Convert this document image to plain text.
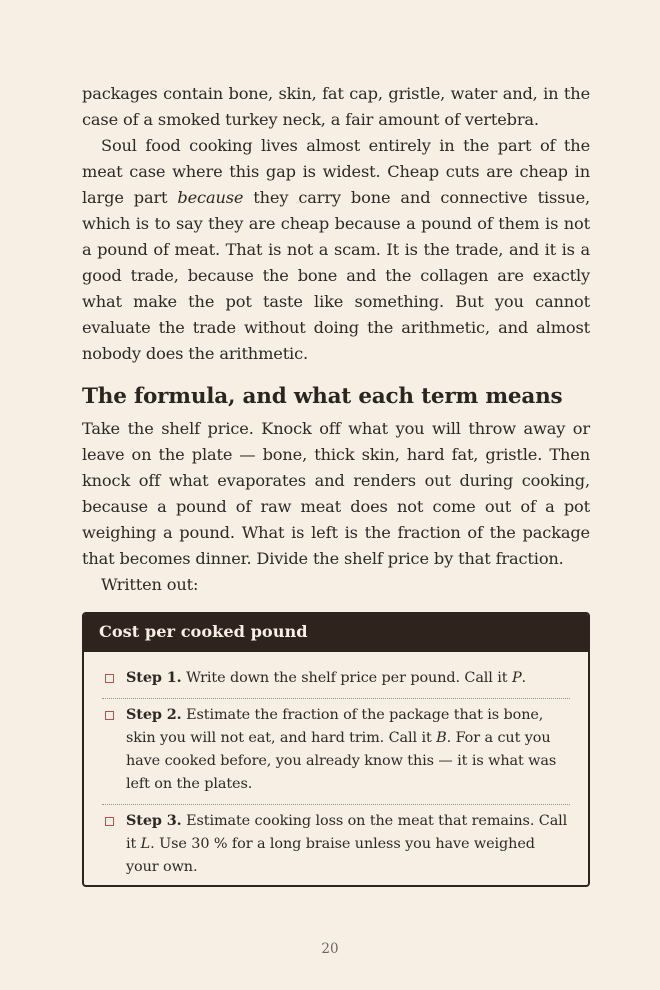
packages contain bone, skin, fat cap, gristle, water and, in the case of a smoked turkey neck, a fair amount of vertebra.

Soul food cooking lives almost entirely in the part of the meat case where this gap is widest. Cheap cuts are cheap in large part because they carry bone and connective tissue, which is to say they are cheap because a pound of them is not a pound of meat. That is not a scam. It is the trade, and it is a good trade, because the bone and the collagen are exactly what make the pot taste like something. But you cannot evaluate the trade without doing the arithmetic, and almost nobody does the arithmetic.

The formula, and what each term means

Take the shelf price. Knock off what you will throw away or leave on the plate — bone, thick skin, hard fat, gristle. Then knock off what evaporates and renders out during cooking, because a pound of raw meat does not come out of a pot weighing a pound. What is left is the fraction of the package that becomes dinner. Divide the shelf price by that fraction.

Written out:

Cost per cooked pound
Step 1. Write down the shelf price per pound. Call it P.
Step 2. Estimate the fraction of the package that is bone, skin you will not eat, and hard trim. Call it B. For a cut you have cooked before, you already know this — it is what was left on the plates.
Step 3. Estimate cooking loss on the meat that remains. Call it L. Use 30 % for a long braise unless you have weighed your own.
20
